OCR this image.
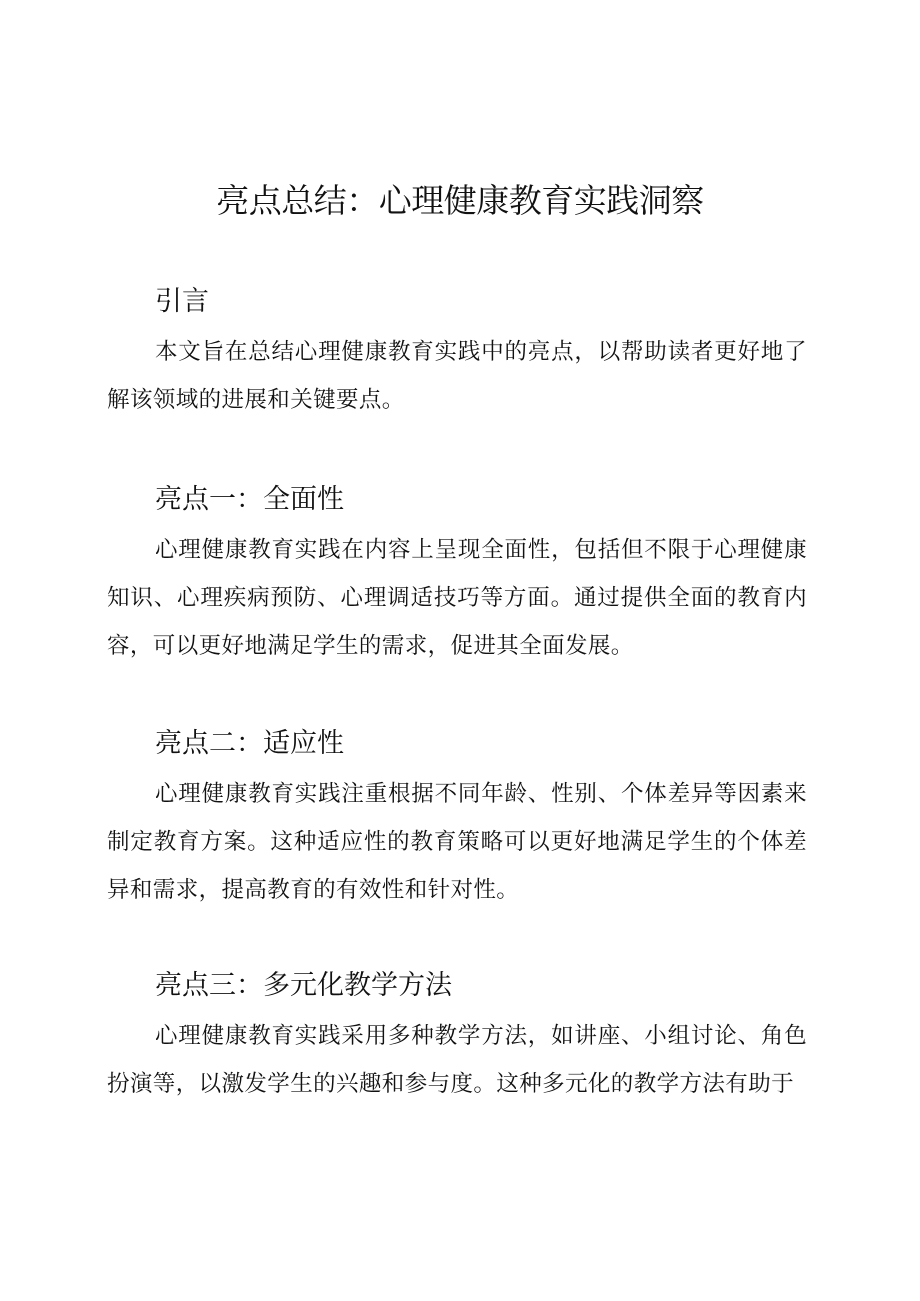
亮点总结：心理健康教育实践洞察
引言

本文旨在总结心理健康教育实践中的亮点，以帮助读者更好地了解该领域的进展和关键要点。

亮点一：全面性

心理健康教育实践在内容上呈现全面性，包括但不限于心理健康知识、心理疾病预防、心理调适技巧等方面。通过提供全面的教育内容，可以更好地满足学生的需求，促进其全面发展。

亮点二：适应性

心理健康教育实践注重根据不同年龄、性别、个体差异等因素来制定教育方案。这种适应性的教育策略可以更好地满足学生的个体差异和需求，提高教育的有效性和针对性。

亮点三：多元化教学方法

心理健康教育实践采用多种教学方法，如讲座、小组讨论、角色扮演等，以激发学生的兴趣和参与度。这种多元化的教学方法有助于
